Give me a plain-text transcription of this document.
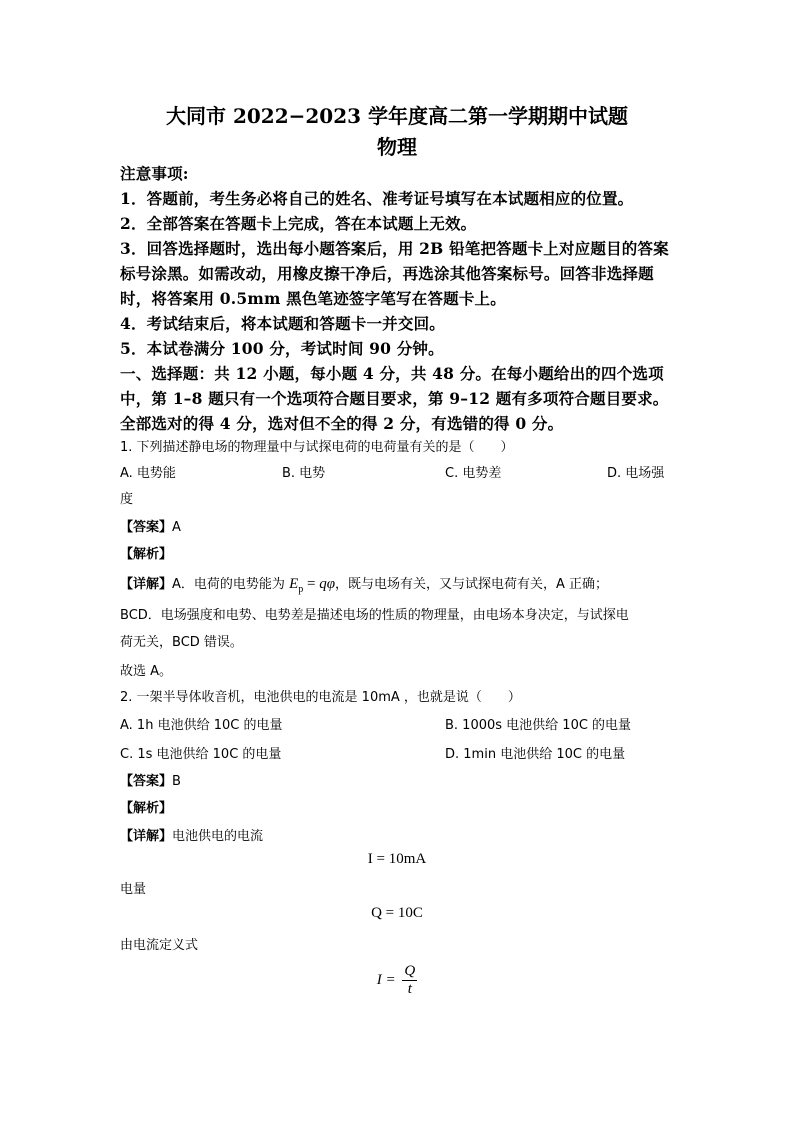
大同市 2022−2023 学年度高二第一学期期中试题
物理
注意事项:
1．答题前，考生务必将自己的姓名、准考证号填写在本试题相应的位置。
2．全部答案在答题卡上完成，答在本试题上无效。
3．回答选择题时，选出每小题答案后，用 2B 铅笔把答题卡上对应题目的答案
标号涂黑。如需改动，用橡皮擦干净后，再选涂其他答案标号。回答非选择题
时，将答案用 0.5mm 黑色笔迹签字笔写在答题卡上。
4．考试结束后，将本试题和答题卡一并交回。
5．本试卷满分 100 分，考试时间 90 分钟。
一、选择题：共 12 小题，每小题 4 分，共 48 分。在每小题给出的四个选项
中，第 1–8 题只有一个选项符合题目要求，第 9–12 题有多项符合题目要求。
全部选对的得 4 分，选对但不全的得 2 分，有选错的得 0 分。
1. 下列描述静电场的物理量中与试探电荷的电荷量有关的是（　　）
A. 电势能	B. 电势	C. 电势差	D. 电场强
度
【答案】A
【解析】
【详解】A．电荷的电势能为 $E_p = q\varphi$，既与电场有关，又与试探电荷有关，A 正确；
BCD．电场强度和电势、电势差是描述电场的性质的物理量，由电场本身决定，与试探电
荷无关，BCD 错误。
故选 A。
2. 一架半导体收音机，电池供电的电流是 10mA ，也就是说（　　）
A. 1h 电池供给 10C 的电量	B. 1000s 电池供给 10C 的电量
C. 1s 电池供给 10C 的电量	D. 1min 电池供给 10C 的电量
【答案】B
【解析】
【详解】电池供电的电流
I = 10mA
电量
Q = 10C
由电流定义式
$I = \frac{Q}{t}$
